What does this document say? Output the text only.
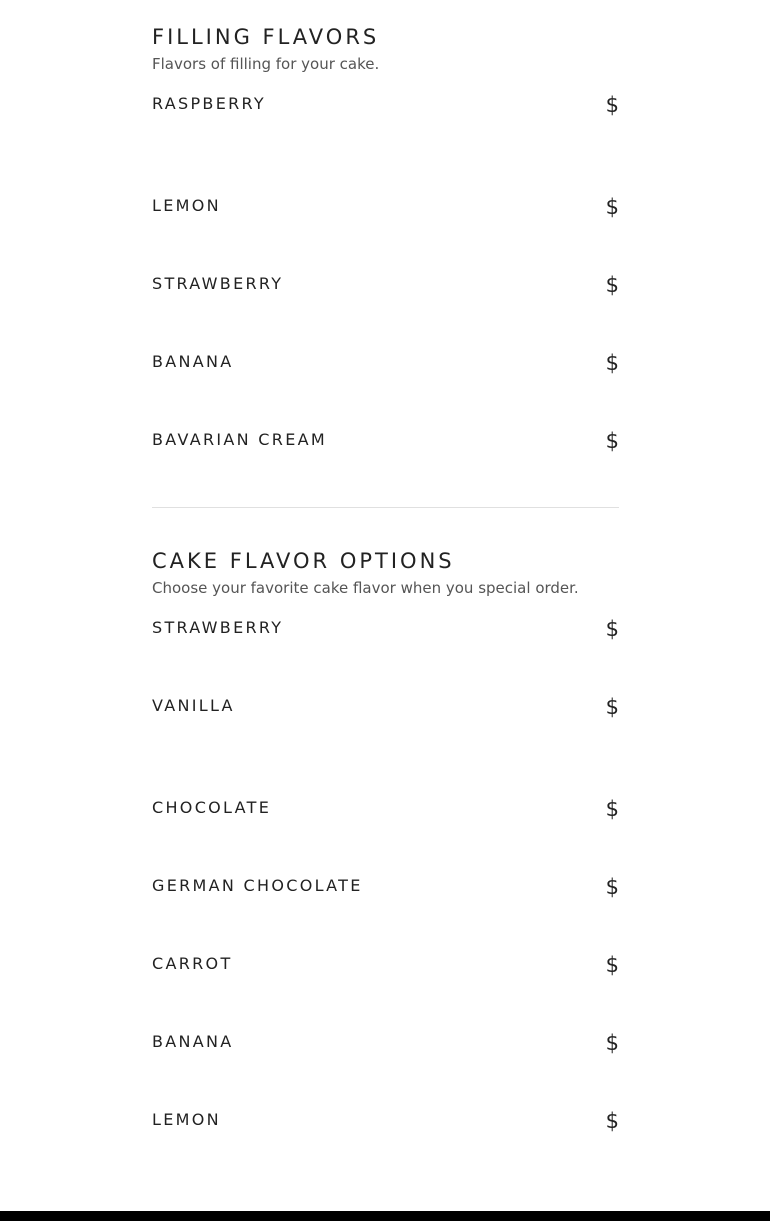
FILLING FLAVORS

Flavors of filling for your cake.

RASPBERRY	$
LEMON	$
STRAWBERRY	$
BANANA	$
BAVARIAN CREAM	$
CAKE FLAVOR OPTIONS

Choose your favorite cake flavor when you special order.

STRAWBERRY	$
VANILLA	$
CHOCOLATE	$
GERMAN CHOCOLATE	$
CARROT	$
BANANA	$
LEMON	$
